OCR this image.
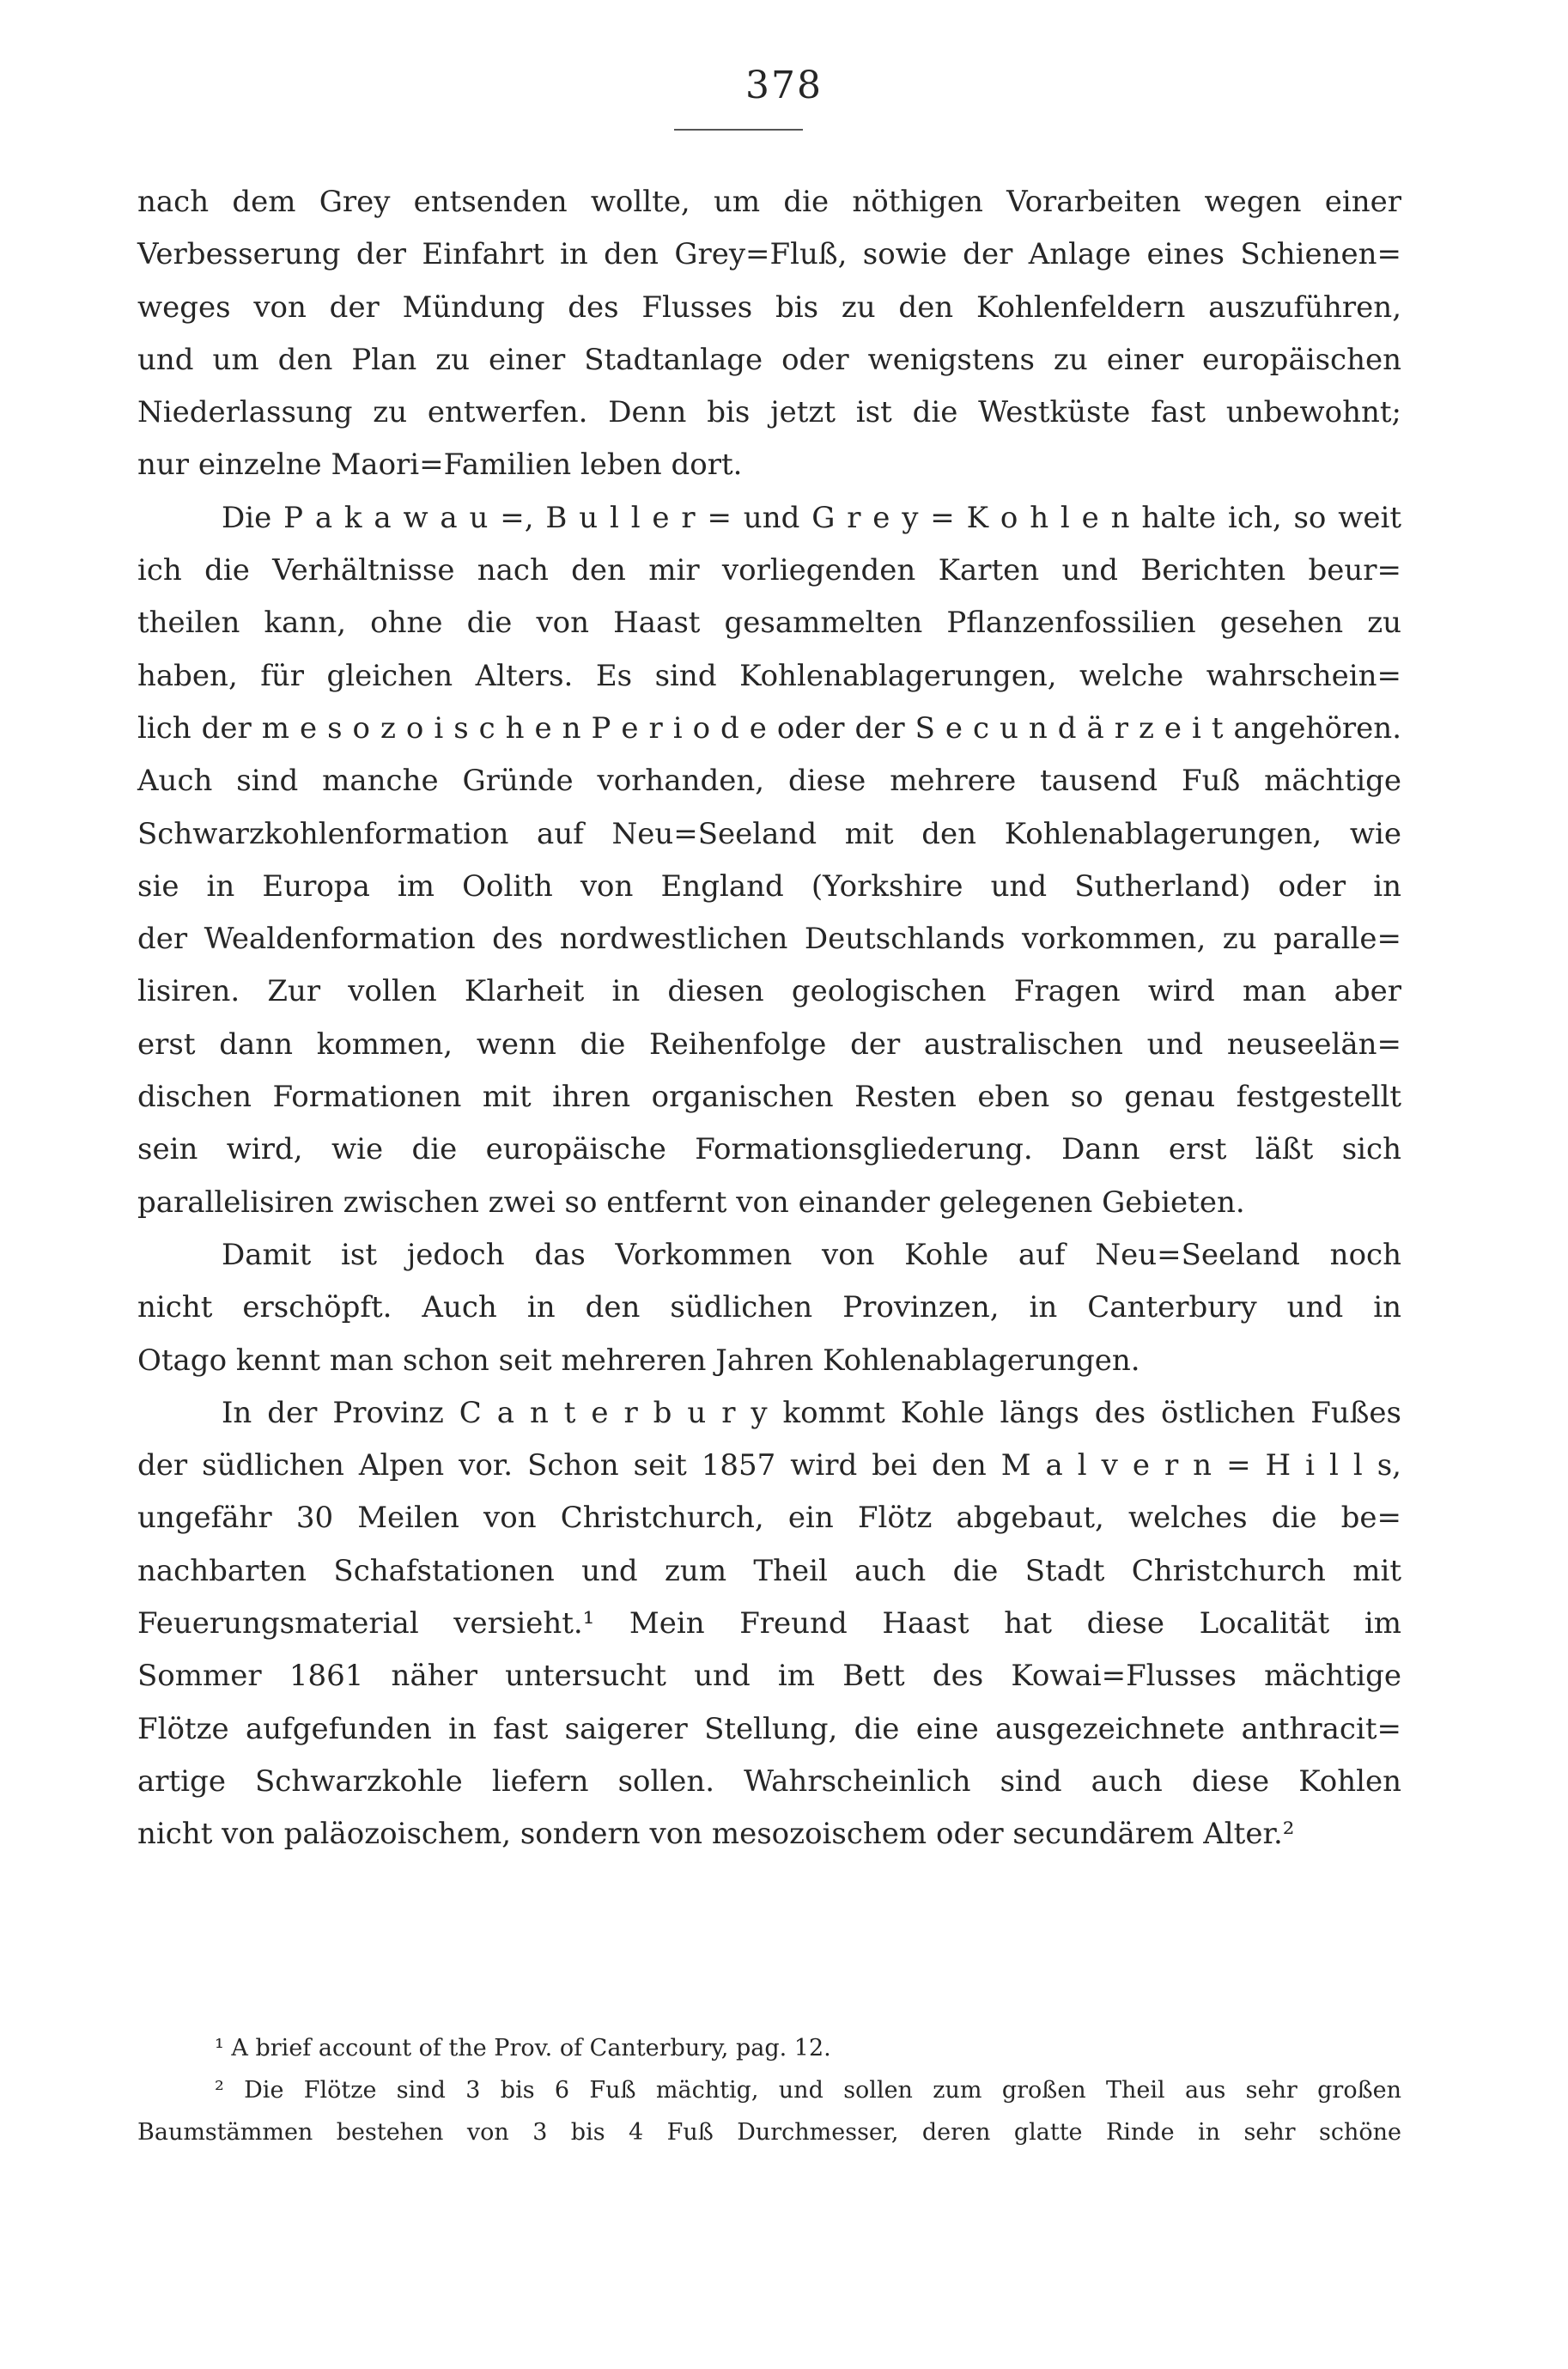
378
nach dem Grey entsenden wollte, um die nöthigen Vorarbeiten wegen einer
Verbesserung der Einfahrt in den Grey=Fluß, sowie der Anlage eines Schienen=
weges von der Mündung des Flusses bis zu den Kohlenfeldern auszuführen,
und um den Plan zu einer Stadtanlage oder wenigstens zu einer europäischen
Niederlassung zu entwerfen. Denn bis jetzt ist die Westküste fast unbewohnt;
nur einzelne Maori=Familien leben dort.
Die P a k a w a u =, B u l l e r = und G r e y = K o h l e n halte ich, so weit
ich die Verhältnisse nach den mir vorliegenden Karten und Berichten beur=
theilen kann, ohne die von Haast gesammelten Pflanzenfossilien gesehen zu
haben, für gleichen Alters. Es sind Kohlenablagerungen, welche wahrschein=
lich der m e s o z o i s c h e n P e r i o d e oder der S e c u n d ä r z e i t angehören.
Auch sind manche Gründe vorhanden, diese mehrere tausend Fuß mächtige
Schwarzkohlenformation auf Neu=Seeland mit den Kohlenablagerungen, wie
sie in Europa im Oolith von England (Yorkshire und Sutherland) oder in
der Wealdenformation des nordwestlichen Deutschlands vorkommen, zu paralle=
lisiren. Zur vollen Klarheit in diesen geologischen Fragen wird man aber
erst dann kommen, wenn die Reihenfolge der australischen und neuseelän=
dischen Formationen mit ihren organischen Resten eben so genau festgestellt
sein wird, wie die europäische Formationsgliederung. Dann erst läßt sich
parallelisiren zwischen zwei so entfernt von einander gelegenen Gebieten.
Damit ist jedoch das Vorkommen von Kohle auf Neu=Seeland noch
nicht erschöpft. Auch in den südlichen Provinzen, in Canterbury und in
Otago kennt man schon seit mehreren Jahren Kohlenablagerungen.
In der Provinz C a n t e r b u r y kommt Kohle längs des östlichen Fußes
der südlichen Alpen vor. Schon seit 1857 wird bei den M a l v e r n = H i l l s,
ungefähr 30 Meilen von Christchurch, ein Flötz abgebaut, welches die be=
nachbarten Schafstationen und zum Theil auch die Stadt Christchurch mit
Feuerungsmaterial versieht.¹ Mein Freund Haast hat diese Localität im
Sommer 1861 näher untersucht und im Bett des Kowai=Flusses mächtige
Flötze aufgefunden in fast saigerer Stellung, die eine ausgezeichnete anthracit=
artige Schwarzkohle liefern sollen. Wahrscheinlich sind auch diese Kohlen
nicht von paläozoischem, sondern von mesozoischem oder secundärem Alter.²
¹ A brief account of the Prov. of Canterbury, pag. 12.
² Die Flötze sind 3 bis 6 Fuß mächtig, und sollen zum großen Theil aus sehr großen
Baumstämmen bestehen von 3 bis 4 Fuß Durchmesser, deren glatte Rinde in sehr schöne
